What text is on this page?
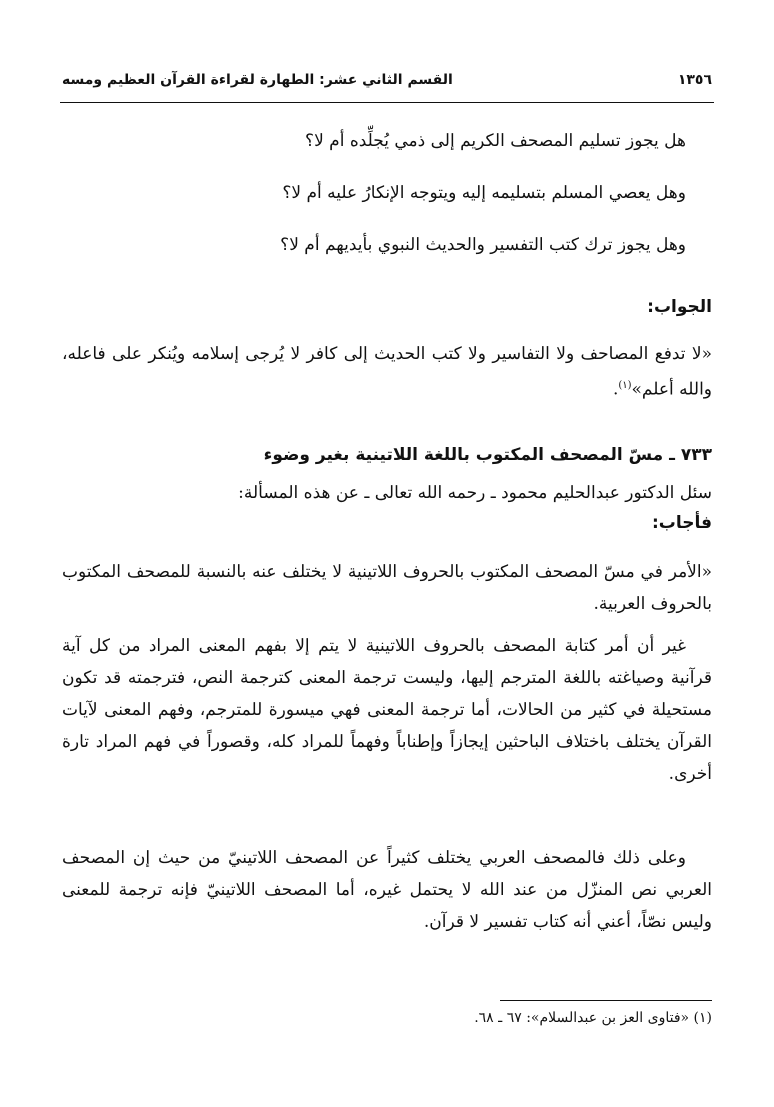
١٣٥٦
القسم الثاني عشر: الطهارة لقراءة القرآن العظيم ومسه

هل يجوز تسليم المصحف الكريم إلى ذمي يُجلِّده أم لا؟

وهل يعصي المسلم بتسليمه إليه ويتوجه الإنكارُ عليه أم لا؟

وهل يجوز ترك كتب التفسير والحديث النبوي بأيديهم أم لا؟

الجواب:

«لا تدفع المصاحف ولا التفاسير ولا كتب الحديث إلى كافر لا يُرجى إسلامه ويُنكر على فاعله، والله أعلم»$^{(١)}$.

٧٣٣ ـ مسّ المصحف المكتوب باللغة اللاتينية بغير وضوء

سئل الدكتور عبدالحليم محمود ـ رحمه الله تعالى ـ عن هذه المسألة:

فأجاب:

«الأمر في مسّ المصحف المكتوب بالحروف اللاتينية لا يختلف عنه بالنسبة للمصحف المكتوب بالحروف العربية.

غير أن أمر كتابة المصحف بالحروف اللاتينية لا يتم إلا بفهم المعنى المراد من كل آية قرآنية وصياغته باللغة المترجم إليها، وليست ترجمة المعنى كترجمة النص، فترجمته قد تكون مستحيلة في كثير من الحالات، أما ترجمة المعنى فهي ميسورة للمترجم، وفهم المعنى لآيات القرآن يختلف باختلاف الباحثين إيجازاً وإطناباً وفهماً للمراد كله، وقصوراً في فهم المراد تارة أخرى.

وعلى ذلك فالمصحف العربي يختلف كثيراً عن المصحف اللاتينيّ من حيث إن المصحف العربي نص المنزّل من عند الله لا يحتمل غيره، أما المصحف اللاتينيّ فإنه ترجمة للمعنى وليس نصّاً، أعني أنه كتاب تفسير لا قرآن.

(١) «فتاوى العز بن عبدالسلام»: ٦٧ ـ ٦٨.
